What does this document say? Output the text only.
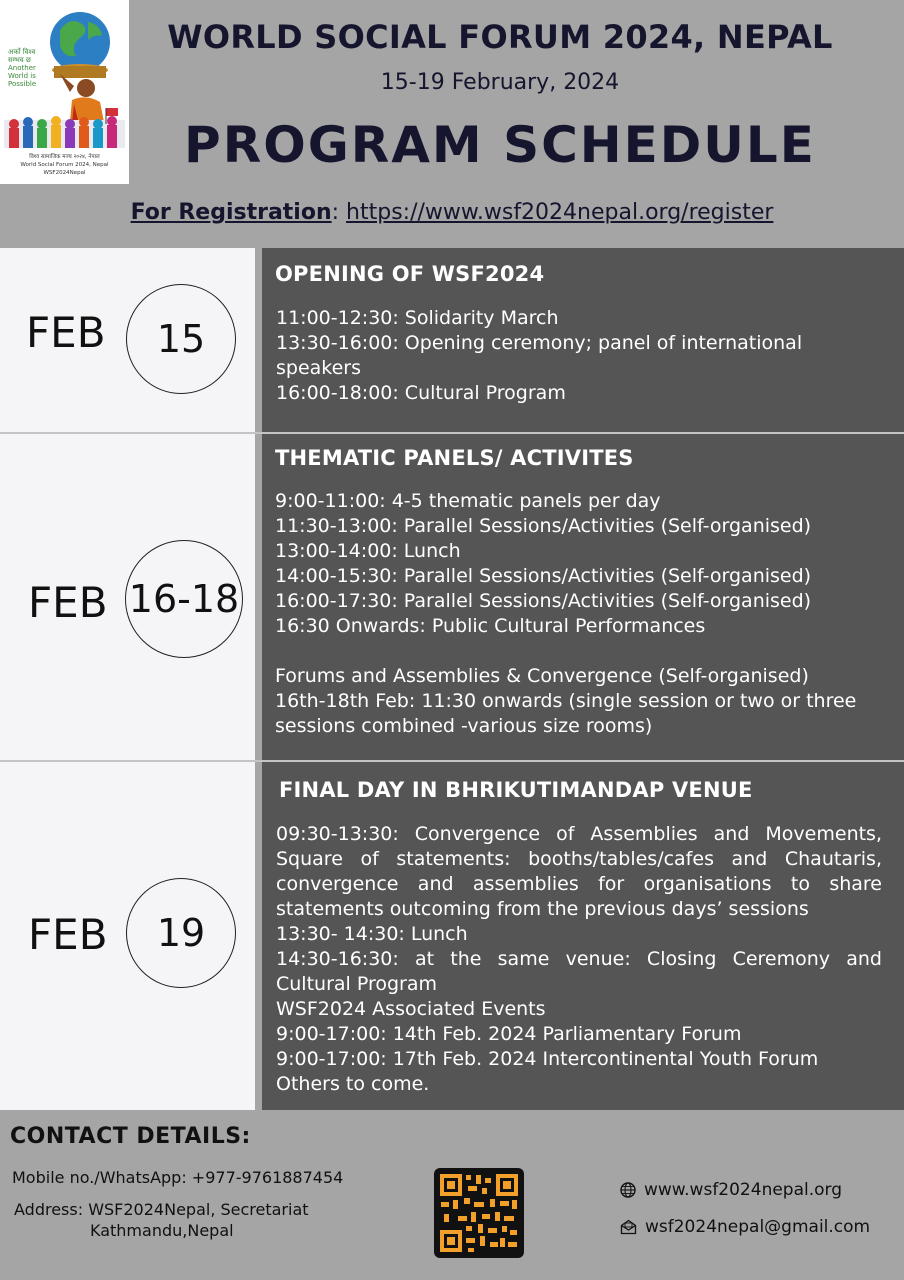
अर्को विश्व सम्भव छ Another World is Possible
विश्व सामाजिक मञ्च २०२४, नेपाल
World Social Forum 2024, Nepal
WSF2024Nepal
WORLD SOCIAL FORUM 2024, NEPAL
15-19 February, 2024
PROGRAM SCHEDULE
For Registration: https://www.wsf2024nepal.org/register
FEB 15
OPENING OF WSF2024
11:00-12:30: Solidarity March
13:30-16:00: Opening ceremony; panel of international speakers
16:00-18:00: Cultural Program
FEB 16-18
THEMATIC PANELS/ ACTIVITES
9:00-11:00: 4-5 thematic panels per day
11:30-13:00: Parallel Sessions/Activities (Self-organised)
13:00-14:00: Lunch
14:00-15:30: Parallel Sessions/Activities (Self-organised)
16:00-17:30: Parallel Sessions/Activities (Self-organised)
16:30 Onwards: Public Cultural Performances
Forums and Assemblies & Convergence (Self-organised)
16th-18th Feb: 11:30 onwards (single session or two or three sessions combined -various size rooms)
FEB 19
FINAL DAY IN BHRIKUTIMANDAP VENUE
09:30-13:30: Convergence of Assemblies and Movements, Square of statements: booths/tables/cafes and Chautaris, convergence and assemblies for organisations to share statements outcoming from the previous days’ sessions
13:30- 14:30: Lunch
14:30-16:30: at the same venue: Closing Ceremony and Cultural Program
WSF2024 Associated Events
9:00-17:00: 14th Feb. 2024 Parliamentary Forum
9:00-17:00: 17th Feb. 2024 Intercontinental Youth Forum
Others to come.
CONTACT DETAILS:
Mobile no./WhatsApp: +977-9761887454
Address: WSF2024Nepal, Secretariat
Kathmandu,Nepal
www.wsf2024nepal.org
wsf2024nepal@gmail.com
